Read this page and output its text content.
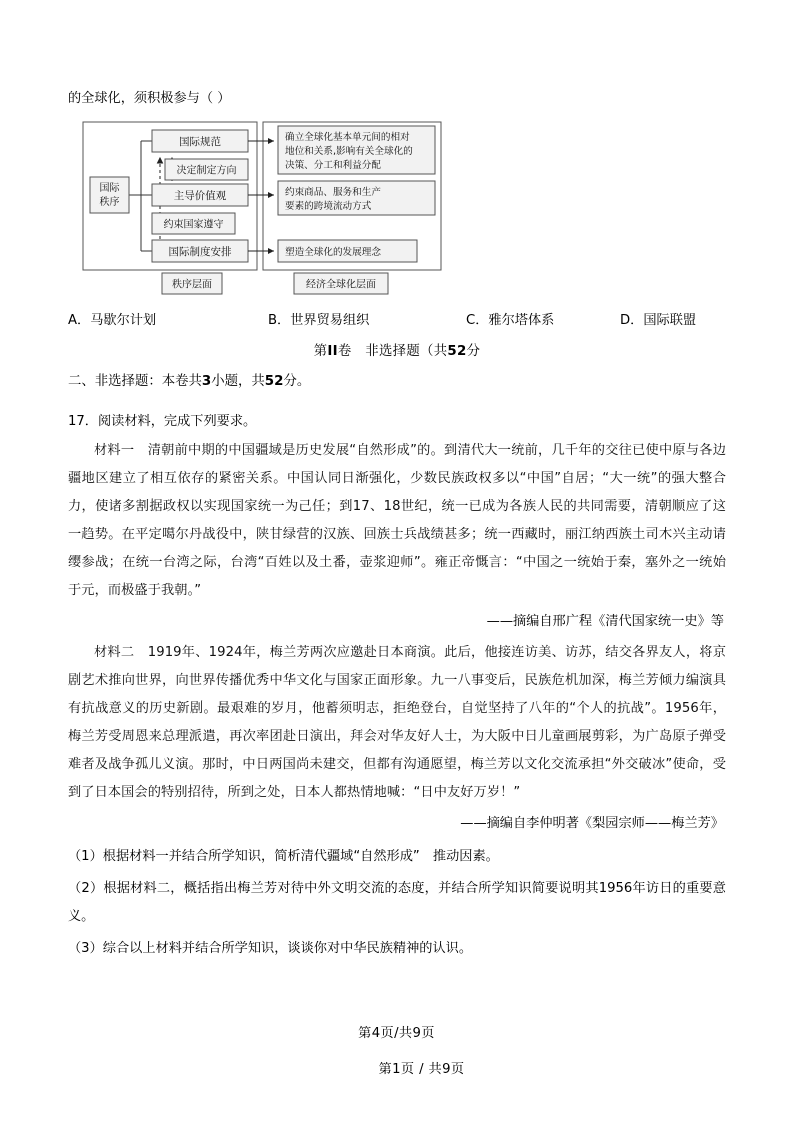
的全球化，须积极参与（ ）

国际
秩序
国际规范
决定制定方向
主导价值观
约束国家遵守
国际制度安排
确立全球化基本单元间的相对
地位和关系,影响有关全球化的
决策、分工和利益分配
约束商品、服务和生产
要素的跨境流动方式
塑造全球化的发展理念
秩序层面	经济全球化层面
A．马歇尔计划	B．世界贸易组织	C．雅尔塔体系	D．国际联盟

第II卷　非选择题（共52分

二、非选择题：本卷共3小题，共52分。

17．阅读材料，完成下列要求。

材料一　清朝前中期的中国疆域是历史发展“自然形成”的。到清代大一统前，几千年的交往已使中原与各边疆地区建立了相互依存的紧密关系。中国认同日渐强化，少数民族政权多以“中国”自居；“大一统”的强大整合力，使诸多割据政权以实现国家统一为己任；到17、18世纪，统一已成为各族人民的共同需要，清朝顺应了这一趋势。在平定噶尔丹战役中，陕甘绿营的汉族、回族士兵战绩甚多；统一西藏时，丽江纳西族土司木兴主动请缨参战；在统一台湾之际，台湾“百姓以及土番，壶浆迎师”。雍正帝慨言：“中国之一统始于秦，塞外之一统始于元，而极盛于我朝。”

——摘编自邢广程《清代国家统一史》等

材料二　1919年、1924年，梅兰芳两次应邀赴日本商演。此后，他接连访美、访苏，结交各界友人，将京剧艺术推向世界，向世界传播优秀中华文化与国家正面形象。九一八事变后，民族危机加深，梅兰芳倾力编演具有抗战意义的历史新剧。最艰难的岁月，他蓄须明志，拒绝登台，自觉坚持了八年的“个人的抗战”。1956年，梅兰芳受周恩来总理派遣，再次率团赴日演出，拜会对华友好人士，为大阪中日儿童画展剪彩，为广岛原子弹受难者及战争孤儿义演。那时，中日两国尚未建交，但都有沟通愿望，梅兰芳以文化交流承担“外交破冰”使命，受到了日本国会的特别招待，所到之处，日本人都热情地喊：“日中友好万岁！”

——摘编自李仲明著《梨园宗师——梅兰芳》

（1）根据材料一并结合所学知识，简析清代疆域“自然形成”　推动因素。

（2）根据材料二，概括指出梅兰芳对待中外文明交流的态度，并结合所学知识简要说明其1956年访日的重要意义。

（3）综合以上材料并结合所学知识，谈谈你对中华民族精神的认识。

第4页/共9页
第1页 / 共9页
